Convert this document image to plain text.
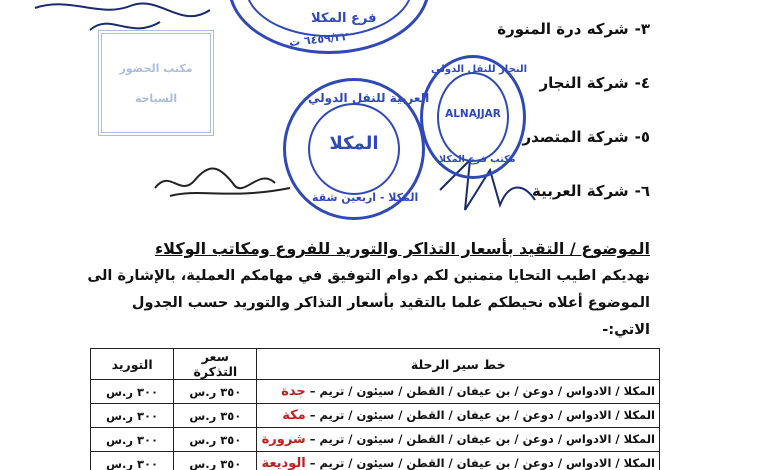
مكتب الحضور
السياحة
فرع المكلا
٦٤٥٩/٣٢ ت
العربية للنقل الدولي
المكلا
المكلا - اربعين شقة
النجار للنقل الدولي
ALNAJJAR
مكتب فرع المكلا
٣-شركه درة المنورة
٤-شركة النجار
٥-شركة المتصدر
٦-شركة العربية
الموضوع / التقيد بأسعار التذاكر والتوريد للفروع ومكاتب الوكلاء
نهديكم اطيب التحايا متمنين لكم دوام التوفيق في مهامكم العملية، بالإشارة الى
الموضوع أعلاه نحيطكم علما بالتقيد بأسعار التذاكر والتوريد حسب الجدول
الاتي:-
خط سير الرحلة	سعر التذكرة	التوريد
المكلا / الادواس / دوعن / بن عيفان / القطن / سيئون / تريم – جدة	٣٥٠ ر.س	٣٠٠ ر.س
المكلا / الادواس / دوعن / بن عيفان / القطن / سيئون / تريم – مكة	٣٥٠ ر.س	٣٠٠ ر.س
المكلا / الادواس / دوعن / بن عيفان / القطن / سيئون / تريم – شرورة	٣٥٠ ر.س	٣٠٠ ر.س
المكلا / الادواس / دوعن / بن عيفان / القطن / سيئون / تريم – الوديعة	٣٥٠ ر.س	٣٠٠ ر.س
